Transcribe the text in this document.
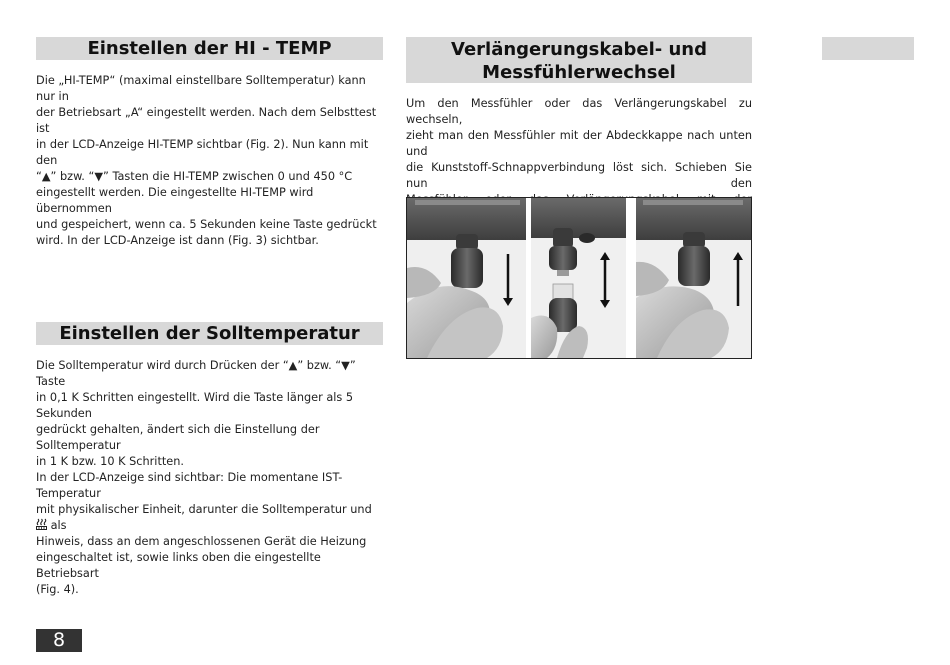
Einstellen der HI - TEMP	Verlängerungskabel- und
Messfühlerwechsel

Die „HI-TEMP“ (maximal einstellbare Solltemperatur) kann nur in

der Betriebsart „A“ eingestellt werden. Nach dem Selbsttest ist

in der LCD-Anzeige HI-TEMP sichtbar (Fig. 2). Nun kann mit den

“▲” bzw. “▼” Tasten die HI-TEMP zwischen 0 und 450 °C

eingestellt werden. Die eingestellte HI-TEMP wird übernommen

und gespeichert, wenn ca. 5 Sekunden keine Taste gedrückt

wird. In der LCD-Anzeige ist dann (Fig. 3) sichtbar.

Einstellen der Solltemperatur

Die Solltemperatur wird durch Drücken der “▲” bzw. “▼” Taste

in 0,1 K Schritten eingestellt. Wird die Taste länger als 5 Sekunden

gedrückt gehalten, ändert sich die Einstellung der Solltemperatur

in 1 K bzw. 10 K Schritten.

In der LCD-Anzeige sind sichtbar: Die momentane IST-Temperatur

mit physikalischer Einheit, darunter die Solltemperatur und  als

Hinweis, dass an dem angeschlossenen Gerät die Heizung

eingeschaltet ist, sowie links oben die eingestellte Betriebsart

(Fig. 4).

Um den Messfühler oder das Verlängerungskabel zu wechseln,

zieht man den Messfühler mit der Abdeckkappe nach unten und

die Kunststoff-Schnappverbindung löst sich. Schieben Sie nun den

8
